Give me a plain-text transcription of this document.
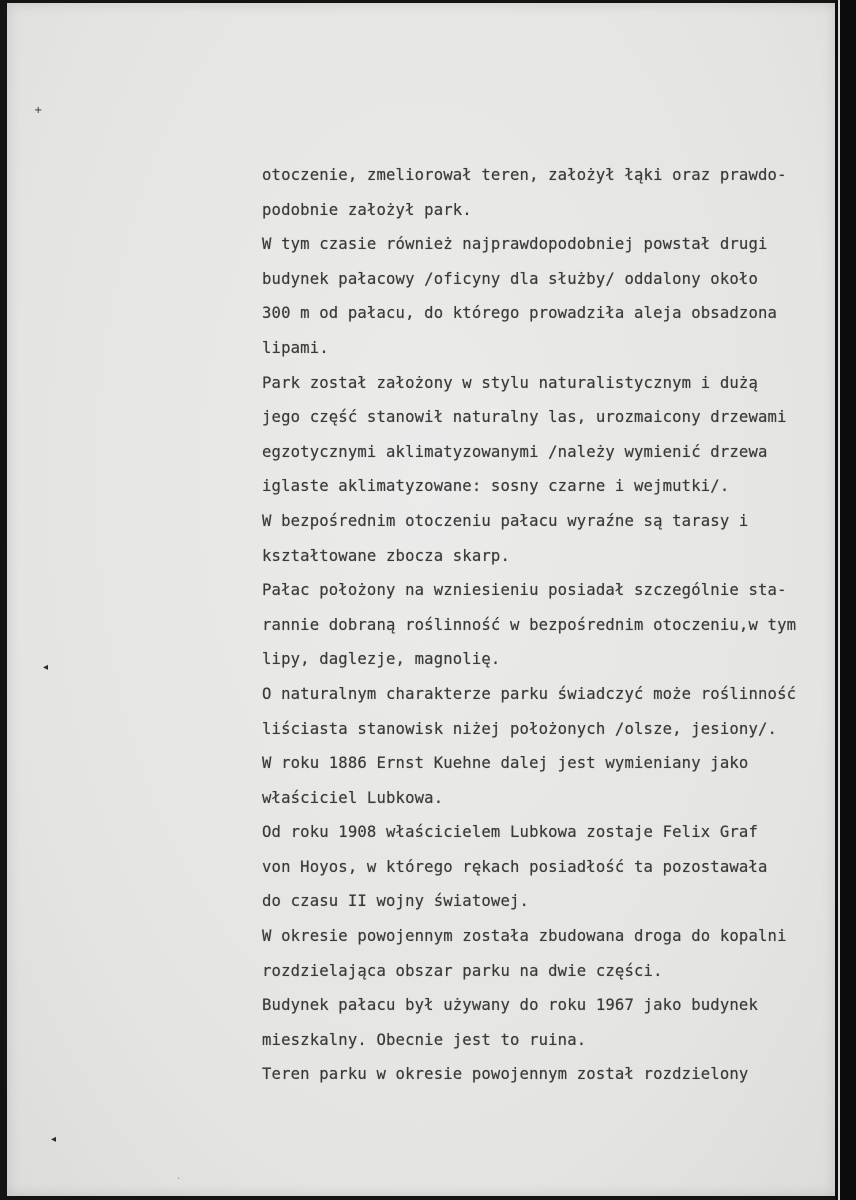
+
◂
◂
·
otoczenie, zmeliorował teren, założył łąki oraz prawdo-
podobnie założył park.
W tym czasie również najprawdopodobniej powstał drugi
budynek pałacowy /oficyny dla służby/ oddalony około
300 m od pałacu, do którego prowadziła aleja obsadzona
lipami.
Park został założony w stylu naturalistycznym i dużą
jego część stanowił naturalny las, urozmaicony drzewami
egzotycznymi aklimatyzowanymi /należy wymienić drzewa
iglaste aklimatyzowane: sosny czarne i wejmutki/.
W bezpośrednim otoczeniu pałacu wyraźne są tarasy i
kształtowane zbocza skarp.
Pałac położony na wzniesieniu posiadał szczególnie sta-
rannie dobraną roślinność w bezpośrednim otoczeniu,w tym
lipy, daglezje, magnolię.
O naturalnym charakterze parku świadczyć może roślinność
liściasta stanowisk niżej położonych /olsze, jesiony/.
W roku 1886 Ernst Kuehne dalej jest wymieniany jako
właściciel Lubkowa.
Od roku 1908 właścicielem Lubkowa zostaje Felix Graf
von Hoyos, w którego rękach posiadłość ta pozostawała
do czasu II wojny światowej.
W okresie powojennym została zbudowana droga do kopalni
rozdzielająca obszar parku na dwie części.
Budynek pałacu był używany do roku 1967 jako budynek
mieszkalny. Obecnie jest to ruina.
Teren parku w okresie powojennym został rozdzielony
